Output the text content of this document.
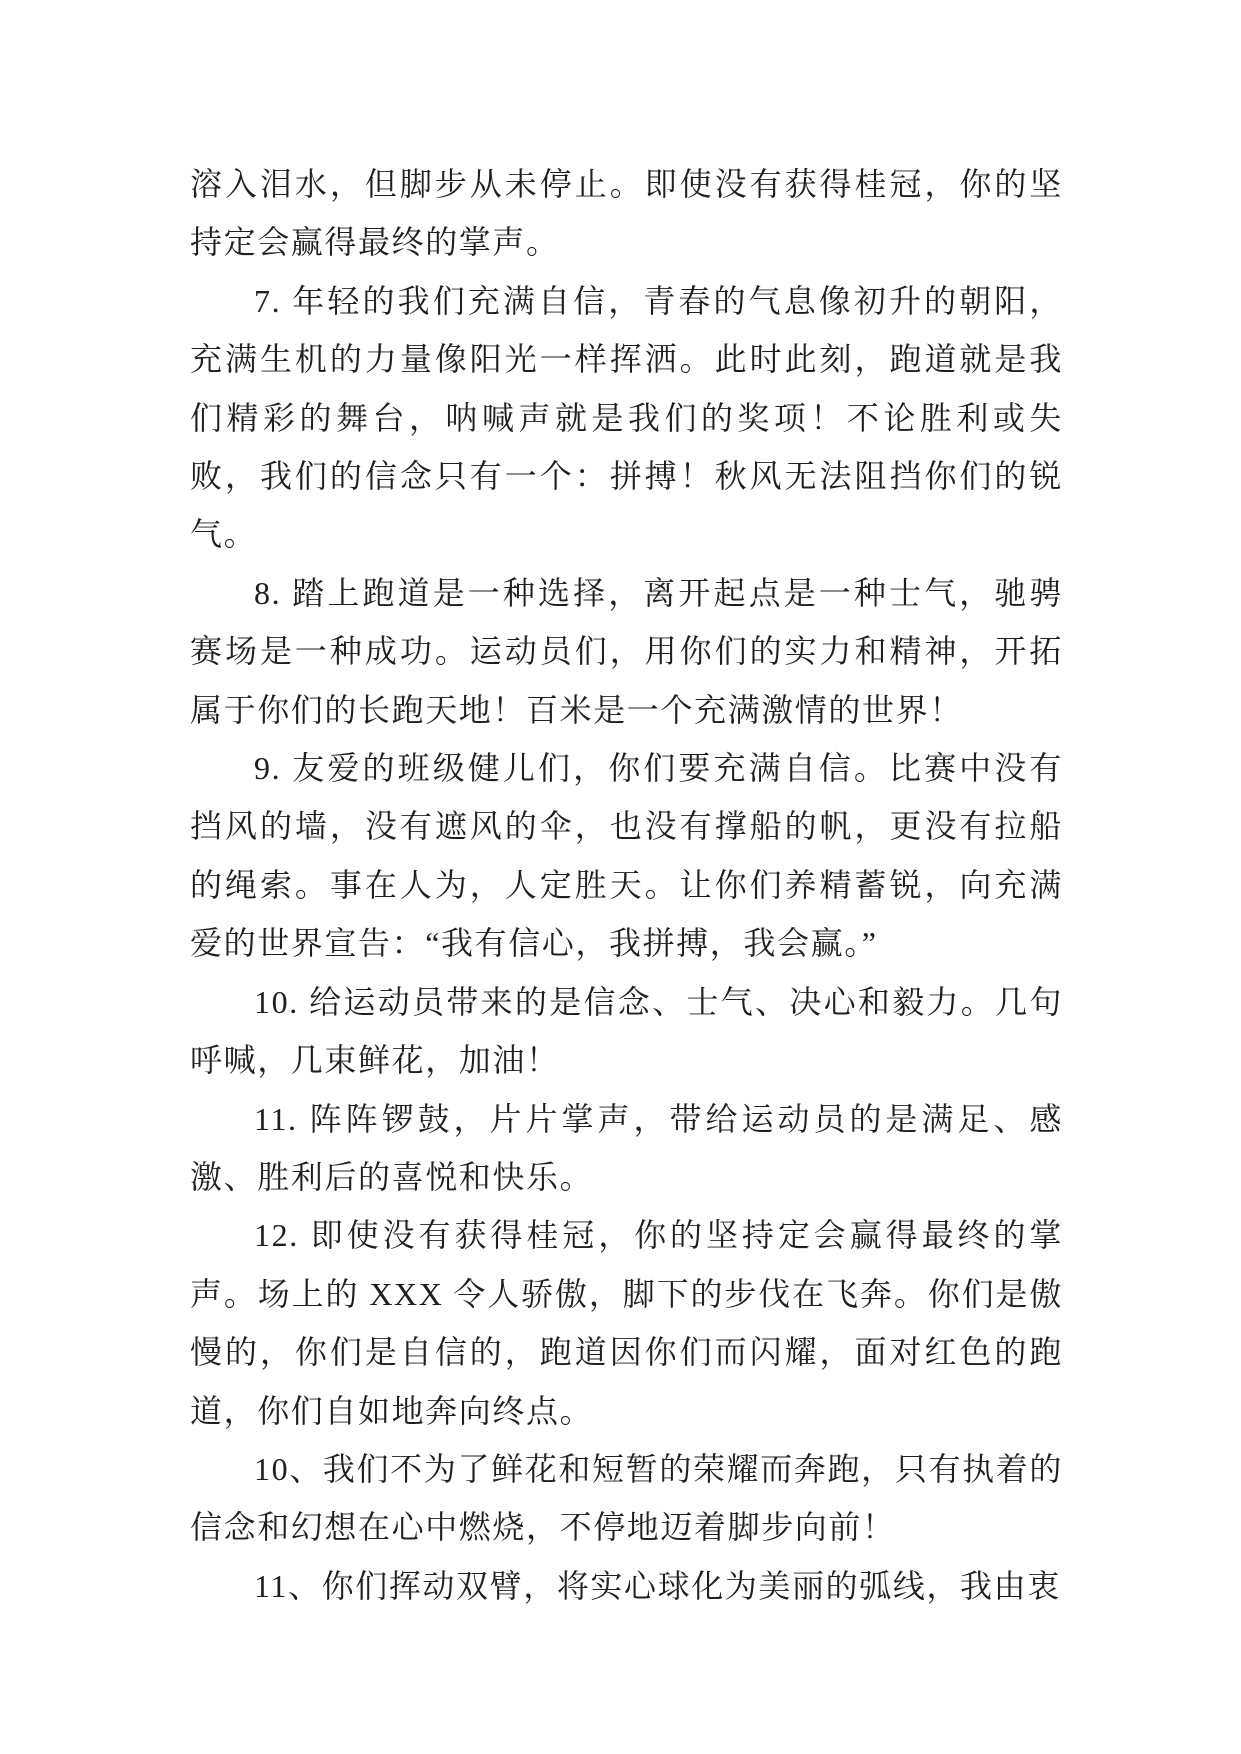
溶入泪水，但脚步从未停止。即使没有获得桂冠，你的坚持定会赢得最终的掌声。

7. 年轻的我们充满自信，青春的气息像初升的朝阳，充满生机的力量像阳光一样挥洒。此时此刻，跑道就是我们精彩的舞台，呐喊声就是我们的奖项！不论胜利或失败，我们的信念只有一个：拼搏！秋风无法阻挡你们的锐气。

8. 踏上跑道是一种选择，离开起点是一种士气，驰骋赛场是一种成功。运动员们，用你们的实力和精神，开拓属于你们的长跑天地！百米是一个充满激情的世界！

9. 友爱的班级健儿们，你们要充满自信。比赛中没有挡风的墙，没有遮风的伞，也没有撑船的帆，更没有拉船的绳索。事在人为，人定胜天。让你们养精蓄锐，向充满爱的世界宣告：“我有信心，我拼搏，我会赢。”

10. 给运动员带来的是信念、士气、决心和毅力。几句呼喊，几束鲜花，加油！

11. 阵阵锣鼓，片片掌声，带给运动员的是满足、感激、胜利后的喜悦和快乐。

12. 即使没有获得桂冠，你的坚持定会赢得最终的掌声。场上的 XXX 令人骄傲，脚下的步伐在飞奔。你们是傲慢的，你们是自信的，跑道因你们而闪耀，面对红色的跑道，你们自如地奔向终点。

10、我们不为了鲜花和短暂的荣耀而奔跑，只有执着的信念和幻想在心中燃烧，不停地迈着脚步向前！

11、你们挥动双臂，将实心球化为美丽的弧线，我由衷
